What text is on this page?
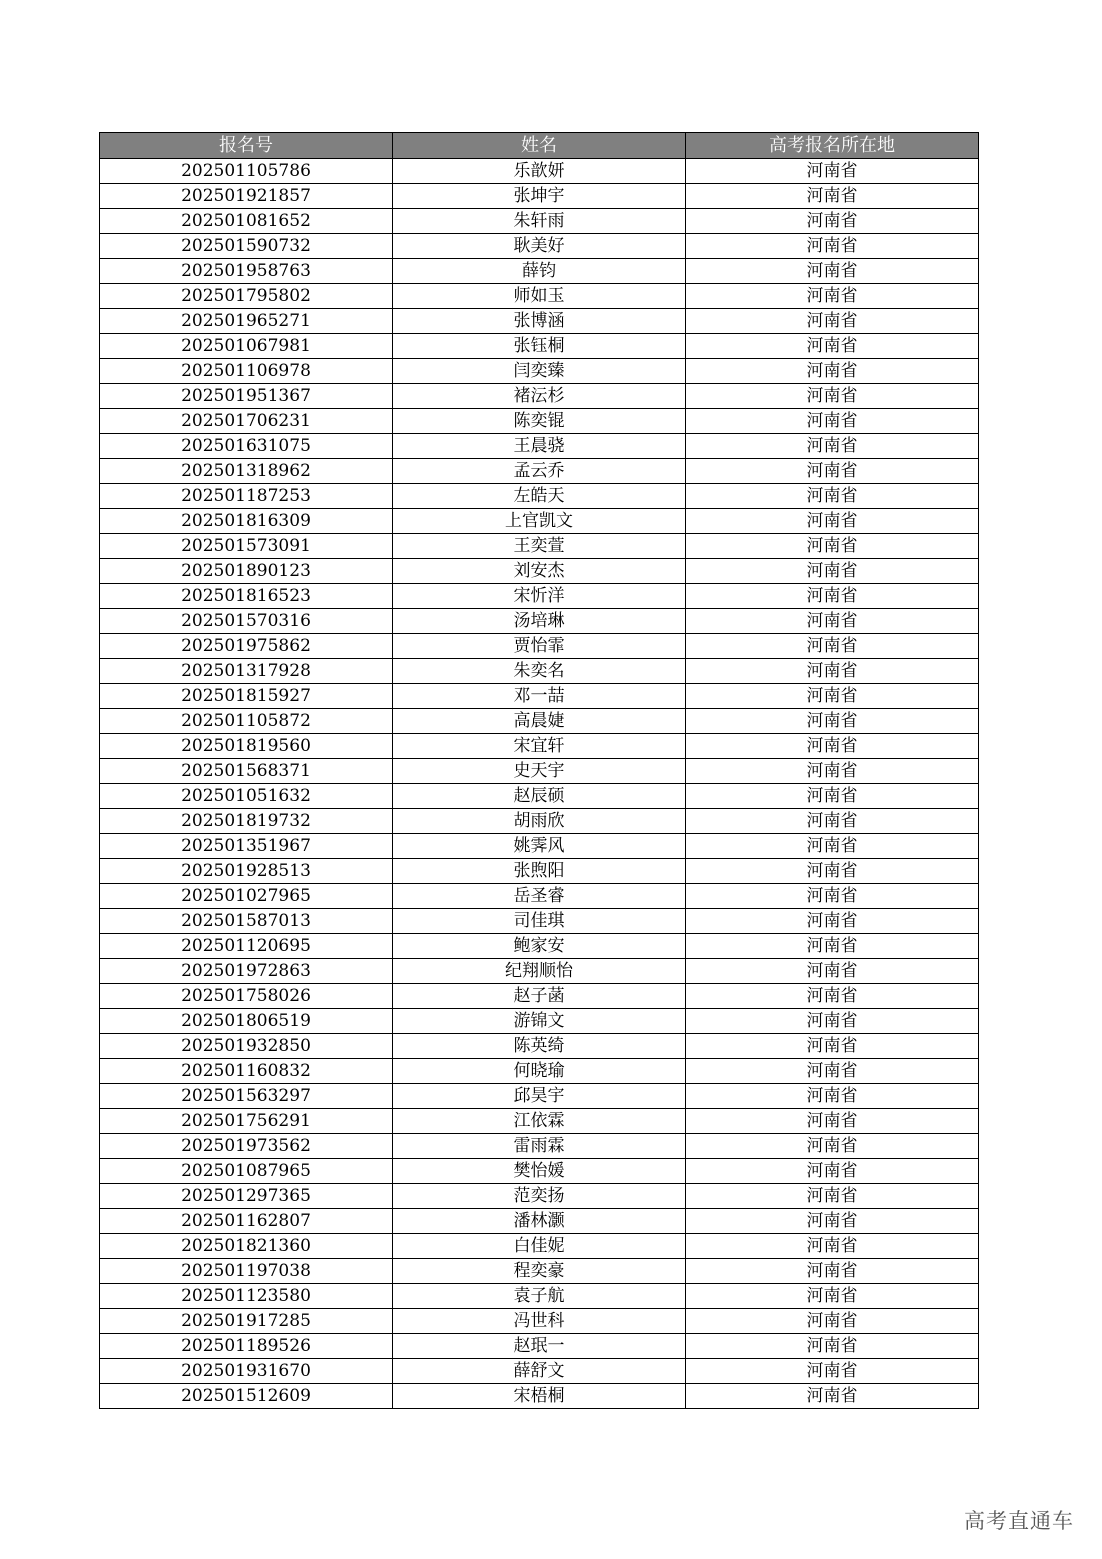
报名号	姓名	高考报名所在地
202501105786	乐歆妍	河南省
202501921857	张坤宇	河南省
202501081652	朱轩雨	河南省
202501590732	耿美好	河南省
202501958763	薛钧	河南省
202501795802	师如玉	河南省
202501965271	张博涵	河南省
202501067981	张钰桐	河南省
202501106978	闫奕臻	河南省
202501951367	褚沄杉	河南省
202501706231	陈奕锟	河南省
202501631075	王晨骁	河南省
202501318962	孟云乔	河南省
202501187253	左皓天	河南省
202501816309	上官凯文	河南省
202501573091	王奕萱	河南省
202501890123	刘安杰	河南省
202501816523	宋忻洋	河南省
202501570316	汤培琳	河南省
202501975862	贾怡霏	河南省
202501317928	朱奕名	河南省
202501815927	邓一喆	河南省
202501105872	高晨婕	河南省
202501819560	宋宜轩	河南省
202501568371	史天宇	河南省
202501051632	赵辰硕	河南省
202501819732	胡雨欣	河南省
202501351967	姚霁风	河南省
202501928513	张煦阳	河南省
202501027965	岳圣睿	河南省
202501587013	司佳琪	河南省
202501120695	鲍家安	河南省
202501972863	纪翔顺怡	河南省
202501758026	赵子菡	河南省
202501806519	游锦文	河南省
202501932850	陈英绮	河南省
202501160832	何晓瑜	河南省
202501563297	邱昊宇	河南省
202501756291	江依霖	河南省
202501973562	雷雨霖	河南省
202501087965	樊怡媛	河南省
202501297365	范奕扬	河南省
202501162807	潘林灏	河南省
202501821360	白佳妮	河南省
202501197038	程奕豪	河南省
202501123580	袁子航	河南省
202501917285	冯世科	河南省
202501189526	赵珉一	河南省
202501931670	薛舒文	河南省
202501512609	宋梧桐	河南省
高考直通车
